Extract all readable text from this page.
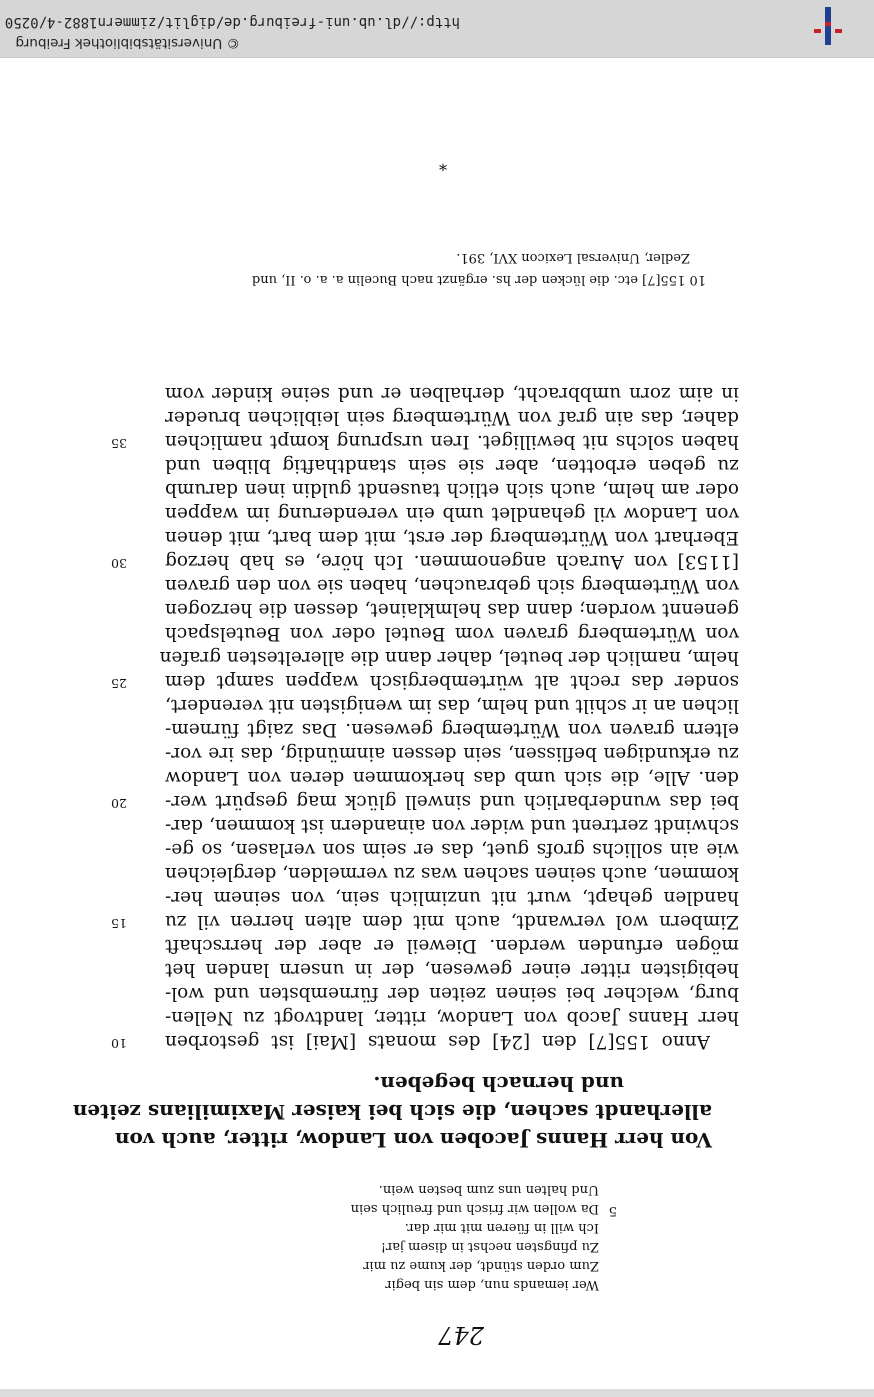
© Universitätsbibliothek Freiburg
http://dl.ub.uni-freiburg.de/diglit/zimmern1882-4/0250
247
Wer iemands nun, dem sin begir
Zum orden stündt, der kume zu mir
Zu pfingsten nechst in disem jar!
Ich will in füeren mit mir dar.
5
Da wollen wir frisch und freulich sein
Und halten uns zum besten wein.
Von herr Hanns Jacoben von Landow, ritter, auch von
allerhandt sachen, die sich bei kaiser Maximilians zeiten
und hernach begeben.
10
15
20
25
30
35
Anno 155[7] den [24] des monats [Mai] ist gestorben
herr Hanns Jacob von Landow, ritter, landtvogt zu Nellen-
burg, welcher bei seinen zeiten der fürnembsten und wol-
hebigisten ritter einer gewesen, der in unsern landen het
mögen erfunden werden. Dieweil er aber der herrschaft
Zimbern wol verwandt, auch mit dem alten herren vil zu
handlen gehapt, wurt nit unzimlich sein, von seinem her-
kommen, auch seinen sachen was zu vermelden, dergleichen
wie ain sollichs grofs guet, das er seim son verlasen, so ge-
schwindt zertrent und wider von ainandern ist kommen, dar-
bei das wunderbarlich und sinwell glück mag gespürt wer-
den. Alle, die sich umb das herkommen deren von Landow
zu erkundigen beflissen, sein dessen ainmündig, das ire vor-
eltern graven von Würtemberg gewesen. Das zaigt fürnem-
lichen an ir schilt und helm, das im wenigisten nit verendert,
sonder das recht alt würtembergisch wappen sampt dem
helm, namlich der beutel, daher dann die allereltesten grafen
von Würtemberg graven vom Beutel oder von Beutelspach
genennt worden; dann das helmklainet, dessen die herzogen
von Würtemberg sich gebrauchen, haben sie von den graven
[1153] von Aurach angenommen. Ich höre, es hab herzog
Eberhart von Würtemberg der erst, mit dem bart, mit denen
von Landow vil gehandlet umb ein verenderung im wappen
oder am helm, auch sich etlich tausendt guldin inen darumb
zu geben erbotten, aber sie sein standthaftig bliben und
haben solchs nit bewilliget. Iren ursprung kompt namlichen
daher, das ain graf von Würtemberg sein leiblichen brueder
in aim zorn umbbracht, derhalben er und seine kinder vom
*
10 155[7] etc. die lücken der hs. ergänzt nach Bucelin a. a. o. II, und
Zedler, Universal Lexicon XVI, 391.
